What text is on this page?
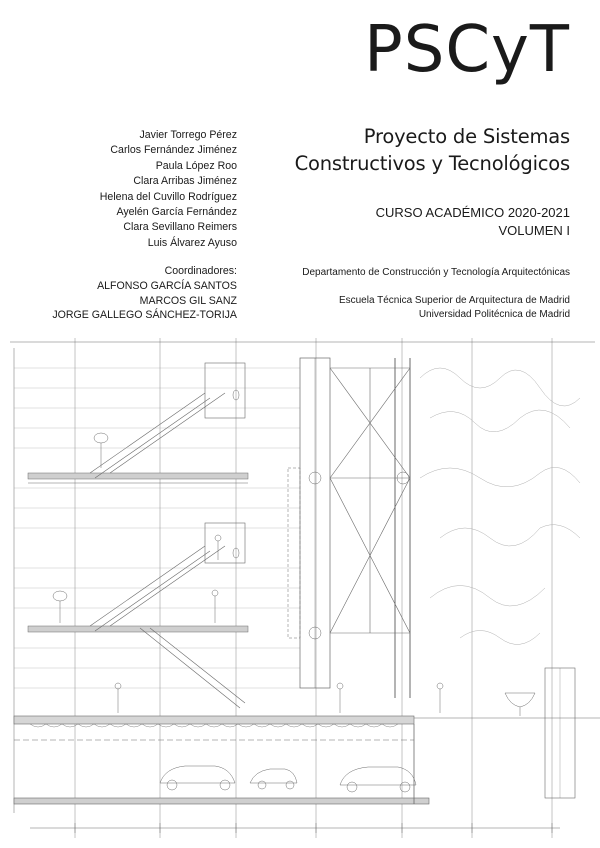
PSCyT
Javier Torrego Pérez
Carlos Fernández Jiménez
Paula López Roo
Clara Arribas Jiménez
Helena del Cuvillo Rodríguez
Ayelén García Fernández
Clara Sevillano Reimers
Luis Álvarez Ayuso
Coordinadores:
ALFONSO GARCÍA SANTOS
MARCOS GIL SANZ
JORGE GALLEGO SÁNCHEZ-TORIJA
Proyecto de Sistemas
Constructivos y Tecnológicos
CURSO ACADÉMICO 2020-2021
VOLUMEN I
Departamento de Construcción y Tecnología Arquitectónicas
Escuela Técnica Superior de Arquitectura de Madrid
Universidad Politécnica de Madrid
